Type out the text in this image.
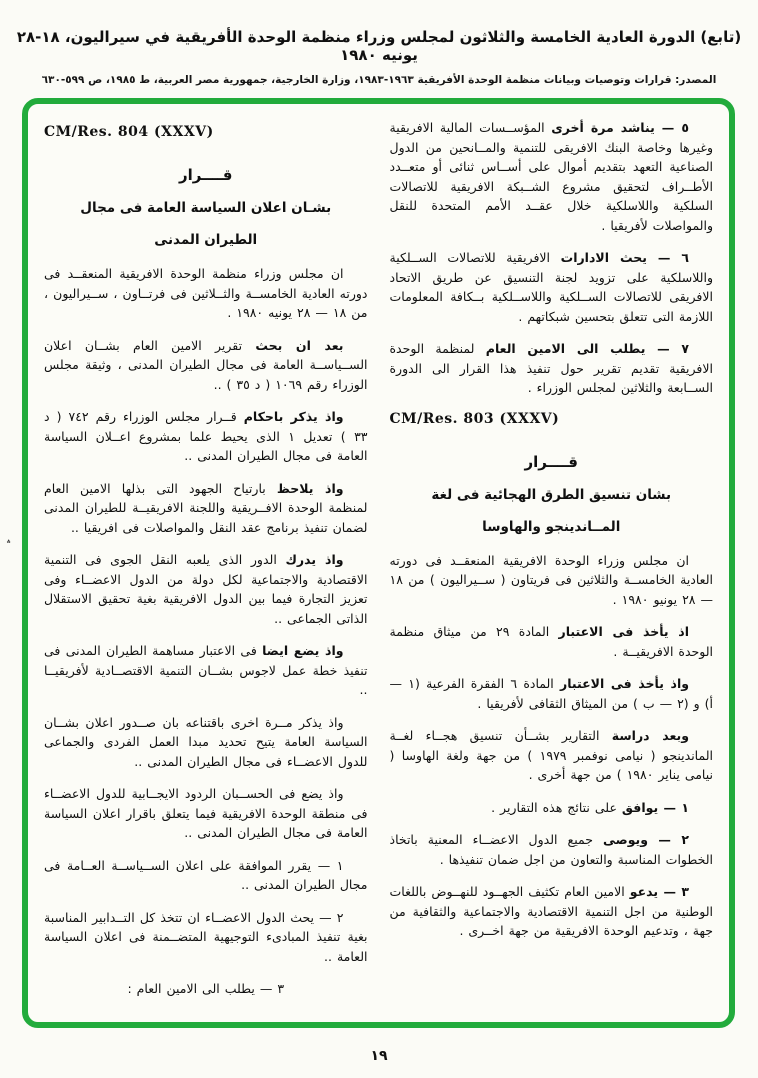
(تابع) الدورة العادية الخامسة والثلاثون لمجلس وزراء منظمة الوحدة الأفريقية في سيراليون، ١٨-٢٨ يونيه ١٩٨٠
المصدر: قرارات وتوصيات وبيانات منظمة الوحدة الأفريقية ١٩٦٣-١٩٨٣، وزارة الخارجية، جمهورية مصر العربية، ط ١٩٨٥، ص ٥٩٩-٦٣٠

٥ — يناشد مرة أخرى المؤســسات المالية الافريقية وغيرها وخاصة البنك الافريقى للتنمية والمــانحين من الدول الصناعية التعهد بتقديم أموال على أســاس ثنائى أو متعــدد الأطــراف لتحقيق مشروع الشــبكة الافريقية للاتصالات السلكية واللاسلكية خلال عقــد الأمم المتحدة للنقل والمواصلات لأفريقيا .

٦ — يحث الادارات الافريقية للاتصالات الســلكية واللاسلكية على تزويد لجنة التنسيق عن طريق الاتحاد الافريقى للاتصالات الســلكية واللاســلكية بــكافة المعلومات اللازمة التى تتعلق بتحسين شبكاتهم .

٧ — يطلب الى الامين العام لمنظمة الوحدة الافريقية تقديم تقرير حول تنفيذ هذا القرار الى الدورة الســابعة والثلاثين لمجلس الوزراء .

CM/Res. 803 (XXXV)
قــــرار
بشان تنسيق الطرق الهجائية فى لغة
المــاندينجو والهاوسا

ان مجلس وزراء الوحدة الافريقية المنعقــد فى دورته العادية الخامســة والثلاثين فى فريتاون ( ســيراليون ) من ١٨ — ٢٨ يونيو ١٩٨٠ .

اذ يأخذ فى الاعتبار المادة ٢٩ من ميثاق منظمة الوحدة الافريقيــة .

واذ يأخذ فى الاعتبار المادة ٦ الفقرة الفرعية (١ — أ) و (٢ — ب ) من الميثاق الثقافى لأفريقيا .

وبعد دراسة التقارير بشــأن تنسيق هجــاء لغــة الماندينجو ( نيامى نوفمبر ١٩٧٩ ) من جهة ولغة الهاوسا ( نيامى يناير ١٩٨٠ ) من جهة أخرى .

١ — يوافق على نتائج هذه التقارير .

٢ — ويوصى جميع الدول الاعضــاء المعنية باتخاذ الخطوات المناسبة والتعاون من اجل ضمان تنفيذها .

٣ — يدعو الامين العام تكثيف الجهــود للنهــوض باللغات الوطنية من اجل التنمية الاقتصادية والاجتماعية والثقافية من جهة ، وتدعيم الوحدة الافريقية من جهة اخــرى .

CM/Res. 804 (XXXV)
قــــرار
بشـان اعلان السياسة العامة فى مجال
الطيران المدنى

ان مجلس وزراء منظمة الوحدة الافريقية المنعقــد فى دورته العادية الخامســة والثــلاثين فى فرتــاون ، ســيراليون ، من ١٨ — ٢٨ يونيه ١٩٨٠ .

بعد ان بحث تقرير الامين العام بشــان اعلان الســياســة العامة فى مجال الطيران المدنى ، وثيقة مجلس الوزراء رقم ١٠٦٩ ( د ٣٥ ) ..

واذ يذكر باحكام قــرار مجلس الوزراء رقم ٧٤٢ ( د ٣٣ ) تعديل ١ الذى يحيط علما بمشروع اعــلان السياسة العامة فى مجال الطيران المدنى ..

واذ يلاحظ بارتياح الجهود التى بذلها الامين العام لمنظمة الوحدة الافــريقية واللجنة الافريقيــة للطيران المدنى لضمان تنفيذ برنامج عقد النقل والمواصلات فى افريقيا ..

واذ يدرك الدور الذى يلعبه النقل الجوى فى التنمية الاقتصادية والاجتماعية لكل دولة من الدول الاعضــاء وفى تعزيز التجارة فيما بين الدول الافريقية بغية تحقيق الاستقلال الذاتى الجماعى ..

واذ يضع ايضا فى الاعتبار مساهمة الطيران المدنى فى تنفيذ خطة عمل لاجوس بشــان التنمية الاقتصــادية لأفريقيــا ..

واذ يذكر مــرة اخرى باقتناعه بان صــدور اعلان بشــان السياسة العامة يتيح تحديد مبدا العمل الفردى والجماعى للدول الاعضــاء فى مجال الطيران المدنى ..

واذ يضع فى الحســبان الردود الايجــابية للدول الاعضــاء فى منطقة الوحدة الافريقية فيما يتعلق باقرار اعلان السياسة العامة فى مجال الطيران المدنى ..

١ — يقرر الموافقة على اعلان الســياســة العــامة فى مجال الطيران المدنى ..

٢ — يحث الدول الاعضــاء ان تتخذ كل التــدابير المناسبة بغية تنفيذ المبادىء التوجيهية المتضــمنة فى اعلان السياسة العامة ..

٣ — يطلب الى الامين العام :

؞
١٩
